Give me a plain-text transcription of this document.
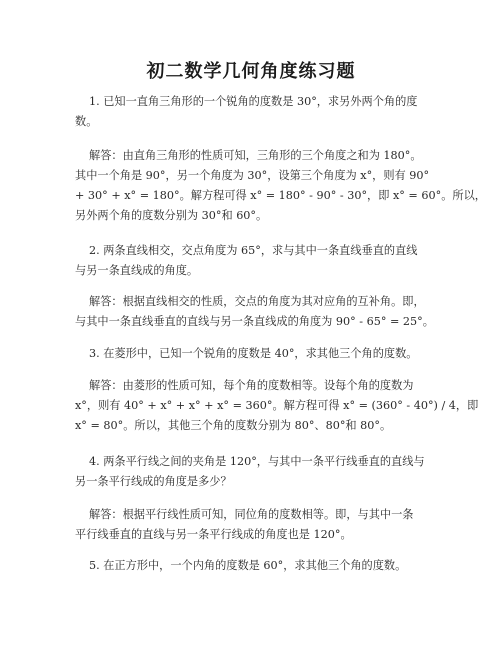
初二数学几何角度练习题
1. 已知一直角三角形的一个锐角的度数是 30°，求另外两个角的度
数。
解答：由直角三角形的性质可知，三角形的三个角度之和为 180°。
其中一个角是 90°，另一个角度为 30°，设第三个角度为 x°，则有 90°
+ 30° + x° = 180°。解方程可得 x° = 180° - 90° - 30°，即 x° = 60°。所以，
另外两个角的度数分别为 30°和 60°。
2. 两条直线相交，交点角度为 65°，求与其中一条直线垂直的直线
与另一条直线成的角度。
解答：根据直线相交的性质，交点的角度为其对应角的互补角。即，
与其中一条直线垂直的直线与另一条直线成的角度为 90° - 65° = 25°。
3. 在菱形中，已知一个锐角的度数是 40°，求其他三个角的度数。
解答：由菱形的性质可知，每个角的度数相等。设每个角的度数为
x°，则有 40° + x° + x° + x° = 360°。解方程可得 x° = (360° - 40°) / 4，即
x° = 80°。所以，其他三个角的度数分别为 80°、80°和 80°。
4. 两条平行线之间的夹角是 120°，与其中一条平行线垂直的直线与
另一条平行线成的角度是多少？
解答：根据平行线性质可知，同位角的度数相等。即，与其中一条
平行线垂直的直线与另一条平行线成的角度也是 120°。
5. 在正方形中，一个内角的度数是 60°，求其他三个角的度数。
